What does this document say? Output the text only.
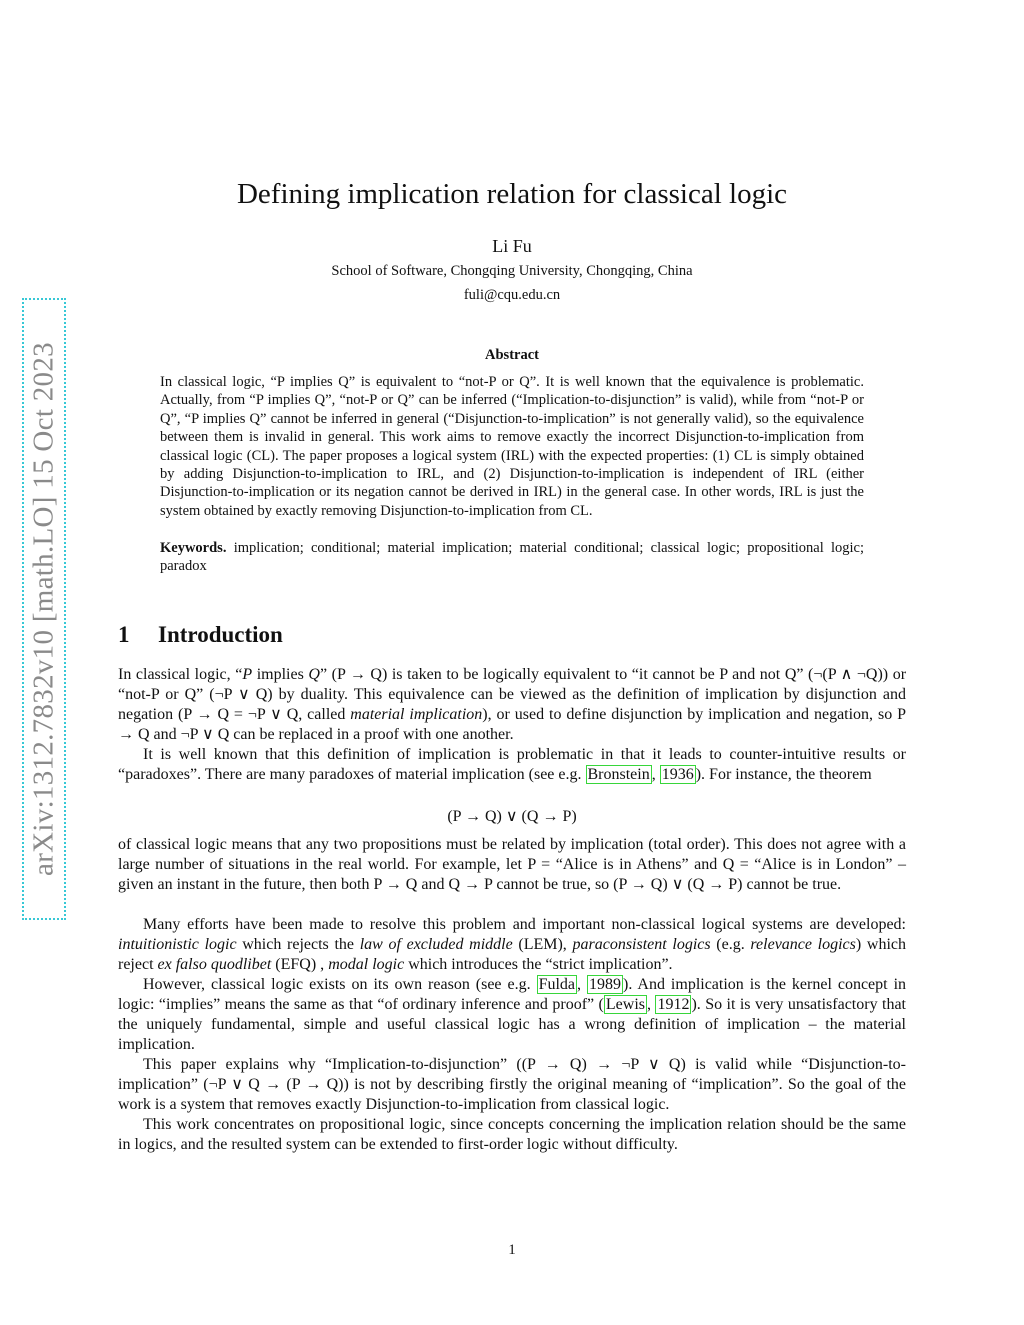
arXiv:1312.7832v10 [math.LO] 15 Oct 2023
Defining implication relation for classical logic
Li Fu
School of Software, Chongqing University, Chongqing, China
fuli@cqu.edu.cn
Abstract

In classical logic, “P implies Q” is equivalent to “not-P or Q”. It is well known that the equivalence is problematic. Actually, from “P implies Q”, “not-P or Q” can be inferred (“Implication-to-disjunction” is valid), while from “not-P or Q”, “P implies Q” cannot be inferred in general (“Disjunction-to-implication” is not generally valid), so the equivalence between them is invalid in general. This work aims to remove exactly the incorrect Disjunction-to-implication from classical logic (CL). The paper proposes a logical system (IRL) with the expected properties: (1) CL is simply obtained by adding Disjunction-to-implication to IRL, and (2) Disjunction-to-implication is independent of IRL (either Disjunction-to-implication or its negation cannot be derived in IRL) in the general case. In other words, IRL is just the system obtained by exactly removing Disjunction-to-implication from CL.

Keywords. implication; conditional; material implication; material conditional; classical logic; propositional logic; paradox

1 Introduction

In classical logic, “P implies Q” (P → Q) is taken to be logically equivalent to “it cannot be P and not Q” (¬(P ∧ ¬Q)) or “not-P or Q” (¬P ∨ Q) by duality. This equivalence can be viewed as the definition of implication by disjunction and negation (P → Q = ¬P ∨ Q, called material implication), or used to define disjunction by implication and negation, so P → Q and ¬P ∨ Q can be replaced in a proof with one another.

It is well known that this definition of implication is problematic in that it leads to counter-intuitive results or “paradoxes”. There are many paradoxes of material implication (see e.g. Bronstein , 1936 ). For instance, the theorem

(P → Q) ∨ (Q → P)

of classical logic means that any two propositions must be related by implication (total order). This does not agree with a large number of situations in the real world. For example, let P = “Alice is in Athens” and Q = “Alice is in London” – given an instant in the future, then both P → Q and Q → P cannot be true, so (P → Q) ∨ (Q → P) cannot be true.

Many efforts have been made to resolve this problem and important non-classical logical systems are developed: intuitionistic logic which rejects the law of excluded middle (LEM), paraconsistent logics (e.g. relevance logics) which reject ex falso quodlibet (EFQ) , modal logic which introduces the “strict implication”.

However, classical logic exists on its own reason (see e.g. Fulda , 1989 ). And implication is the kernel concept in logic: “implies” means the same as that “of ordinary inference and proof” ( Lewis , 1912 ). So it is very unsatisfactory that the uniquely fundamental, simple and useful classical logic has a wrong definition of implication – the material implication.

This paper explains why “Implication-to-disjunction” ((P → Q) → ¬P ∨ Q) is valid while “Disjunction-to-implication” (¬P ∨ Q → (P → Q)) is not by describing firstly the original meaning of “implication”. So the goal of the work is a system that removes exactly Disjunction-to-implication from classical logic.

This work concentrates on propositional logic, since concepts concerning the implication relation should be the same in logics, and the resulted system can be extended to first-order logic without difficulty.

1
